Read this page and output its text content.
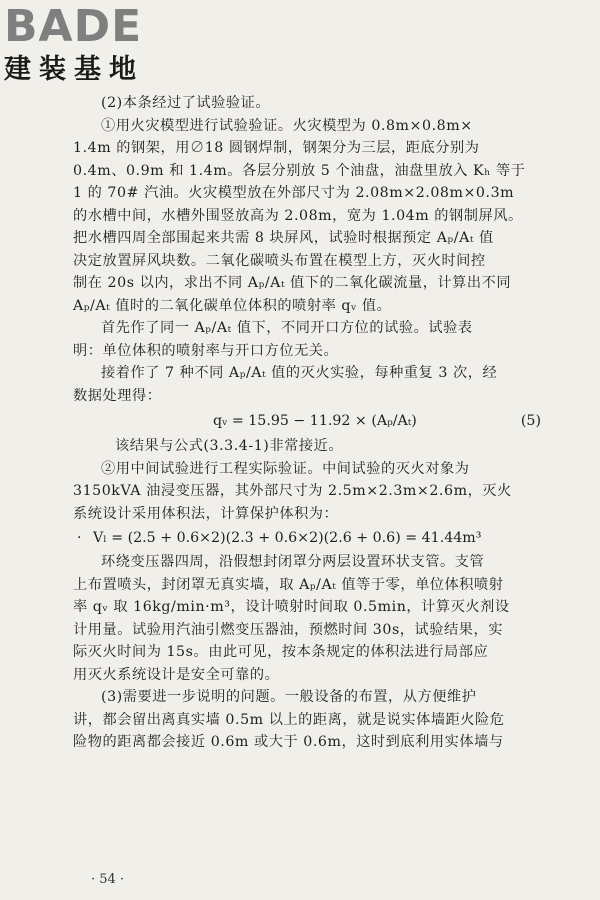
BADE
建装基地
(2)本条经过了试验验证。
①用火灾模型进行试验验证。火灾模型为 0.8m×0.8m×
1.4m 的钢架，用∅18 圆钢焊制，钢架分为三层，距底分别为
0.4m、0.9m 和 1.4m。各层分别放 5 个油盘，油盘里放入 Kₕ 等于
1 的 70# 汽油。火灾模型放在外部尺寸为 2.08m×2.08m×0.3m
的水槽中间，水槽外围竖放高为 2.08m，宽为 1.04m 的钢制屏风。
把水槽四周全部围起来共需 8 块屏风，试验时根据预定 Aₚ/Aₜ 值
决定放置屏风块数。二氧化碳喷头布置在模型上方，灭火时间控
制在 20s 以内，求出不同 Aₚ/Aₜ 值下的二氧化碳流量，计算出不同
Aₚ/Aₜ 值时的二氧化碳单位体积的喷射率 qᵥ 值。
首先作了同一 Aₚ/Aₜ 值下，不同开口方位的试验。试验表
明：单位体积的喷射率与开口方位无关。
接着作了 7 种不同 Aₚ/Aₜ 值的灭火实验，每种重复 3 次，经
数据处理得：
qᵥ = 15.95 − 11.92 × (Aₚ/Aₜ)	(5)
该结果与公式(3.3.4-1)非常接近。
②用中间试验进行工程实际验证。中间试验的灭火对象为
3150kVA 油浸变压器，其外部尺寸为 2.5m×2.3m×2.6m，灭火
系统设计采用体积法，计算保护体积为：
· Vₗ = (2.5 + 0.6×2)(2.3 + 0.6×2)(2.6 + 0.6) = 41.44m³
环绕变压器四周，沿假想封闭罩分两层设置环状支管。支管
上布置喷头，封闭罩无真实墙，取 Aₚ/Aₜ 值等于零，单位体积喷射
率 qᵥ 取 16kg/min·m³，设计喷射时间取 0.5min，计算灭火剂设
计用量。试验用汽油引燃变压器油，预燃时间 30s，试验结果，实
际灭火时间为 15s。由此可见，按本条规定的体积法进行局部应
用灭火系统设计是安全可靠的。
(3)需要进一步说明的问题。一般设备的布置，从方便维护
讲，都会留出离真实墙 0.5m 以上的距离，就是说实体墙距火险危
险物的距离都会接近 0.6m 或大于 0.6m，这时到底利用实体墙与
· 54 ·
